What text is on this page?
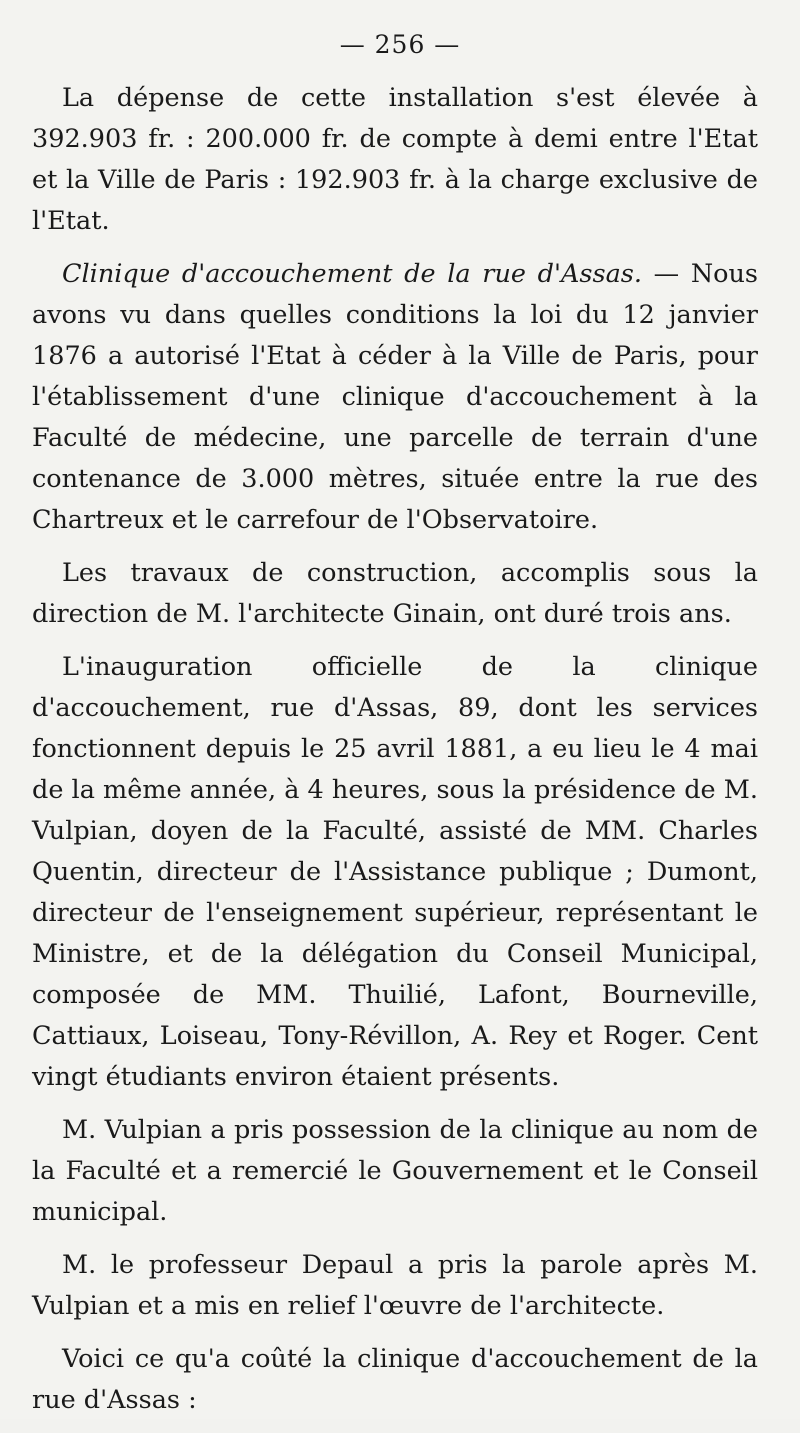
— 256 —

La dépense de cette installation s'est élevée à 392.903 fr. : 200.000 fr. de compte à demi entre l'Etat et la Ville de Paris : 192.903 fr. à la charge exclusive de l'Etat.

Clinique d'accouchement de la rue d'Assas. — Nous avons vu dans quelles conditions la loi du 12 janvier 1876 a autorisé l'Etat à céder à la Ville de Paris, pour l'établissement d'une clinique d'accouchement à la Faculté de médecine, une parcelle de terrain d'une contenance de 3.000 mètres, située entre la rue des Chartreux et le carrefour de l'Observatoire.

Les travaux de construction, accomplis sous la direction de M. l'architecte Ginain, ont duré trois ans.

L'inauguration officielle de la clinique d'accouchement, rue d'Assas, 89, dont les services fonctionnent depuis le 25 avril 1881, a eu lieu le 4 mai de la même année, à 4 heures, sous la présidence de M. Vulpian, doyen de la Faculté, assisté de MM. Charles Quentin, directeur de l'Assistance publique ; Dumont, directeur de l'enseignement supérieur, représentant le Ministre, et de la délégation du Conseil Municipal, composée de MM. Thuilié, Lafont, Bourneville, Cattiaux, Loiseau, Tony-Révillon, A. Rey et Roger. Cent vingt étudiants environ étaient présents.

M. Vulpian a pris possession de la clinique au nom de la Faculté et a remercié le Gouvernement et le Conseil municipal.

M. le professeur Depaul a pris la parole après M. Vulpian et a mis en relief l'œuvre de l'architecte.

Voici ce qu'a coûté la clinique d'accouchement de la rue d'Assas :
